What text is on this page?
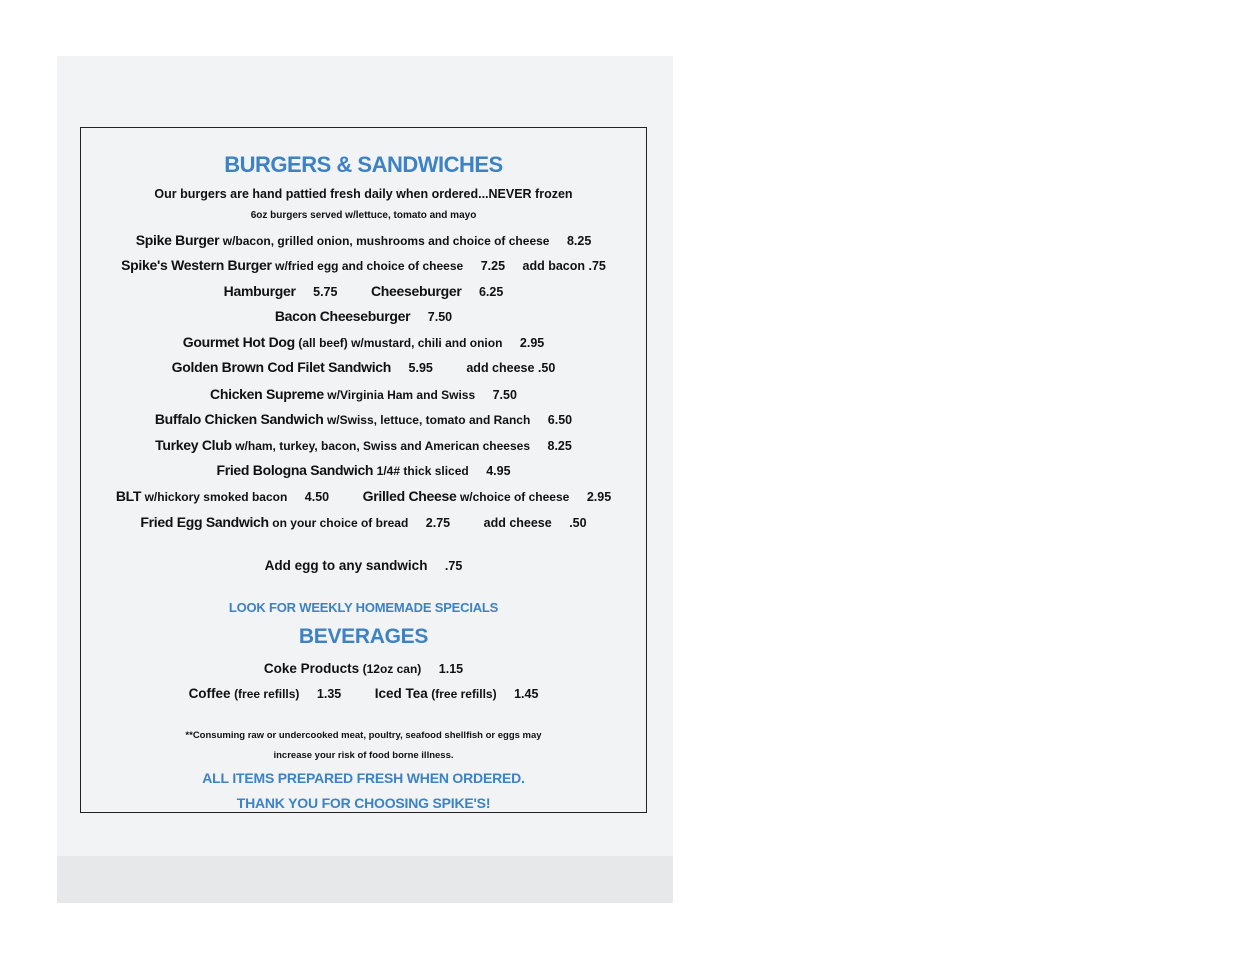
BURGERS & SANDWICHES
Our burgers are hand pattied fresh daily when ordered...NEVER frozen
6oz burgers served w/lettuce, tomato and mayo
Spike Burger w/bacon, grilled onion, mushrooms and choice of cheese 8.25
Spike's Western Burger w/fried egg and choice of cheese 7.25 add bacon .75
Hamburger 5.75 Cheeseburger 6.25
Bacon Cheeseburger 7.50
Gourmet Hot Dog (all beef) w/mustard, chili and onion 2.95
Golden Brown Cod Filet Sandwich 5.95	add cheese .50
Chicken Supreme w/Virginia Ham and Swiss 7.50
Buffalo Chicken Sandwich w/Swiss, lettuce, tomato and Ranch 6.50
Turkey Club w/ham, turkey, bacon, Swiss and American cheeses 8.25
Fried Bologna Sandwich 1/4# thick sliced 4.95
BLT w/hickory smoked bacon 4.50 Grilled Cheese w/choice of cheese 2.95
Fried Egg Sandwich on your choice of bread 2.75	add cheese .50
Add egg to any sandwich .75
LOOK FOR WEEKLY HOMEMADE SPECIALS
BEVERAGES
Coke Products (12oz can) 1.15
Coffee (free refills) 1.35 Iced Tea (free refills) 1.45
**Consuming raw or undercooked meat, poultry, seafood shellfish or eggs may
increase your risk of food borne illness.
ALL ITEMS PREPARED FRESH WHEN ORDERED.
THANK YOU FOR CHOOSING SPIKE'S!
